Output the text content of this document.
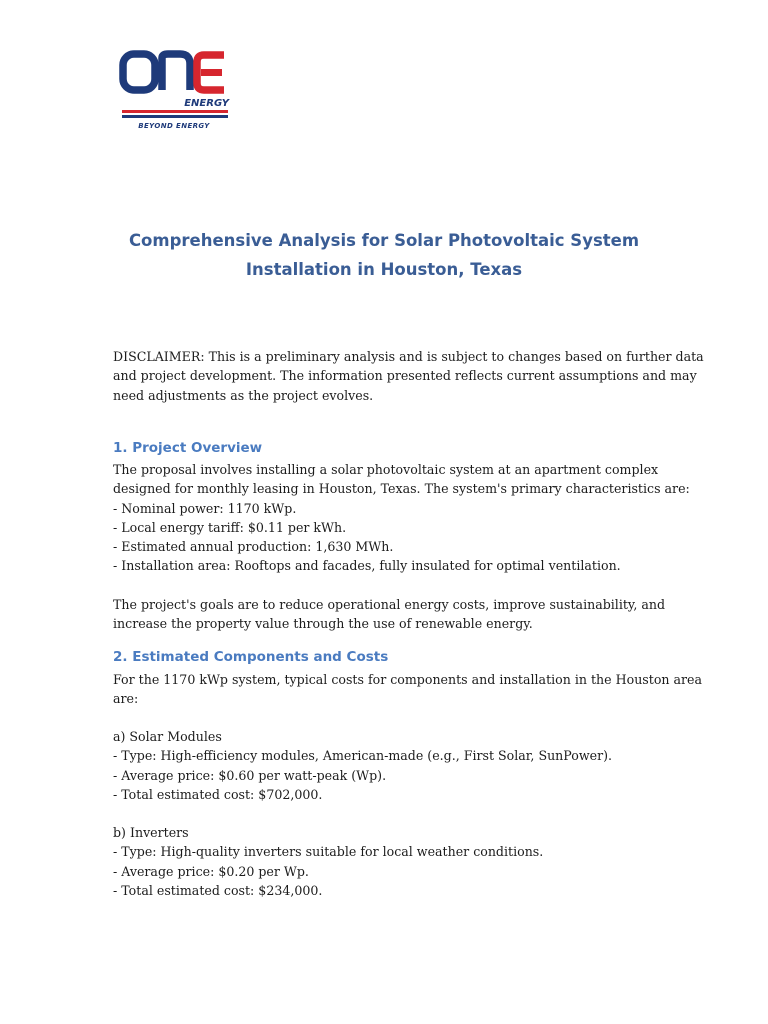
ENERGY
BEYOND ENERGY
Comprehensive Analysis for Solar Photovoltaic System
Installation in Houston, Texas
DISCLAIMER: This is a preliminary analysis and is subject to changes based on further data
and project development. The information presented reflects current assumptions and may
need adjustments as the project evolves.
1. Project Overview
The proposal involves installing a solar photovoltaic system at an apartment complex
designed for monthly leasing in Houston, Texas. The system's primary characteristics are:
- Nominal power: 1170 kWp.
- Local energy tariff: $0.11 per kWh.
- Estimated annual production: 1,630 MWh.
- Installation area: Rooftops and facades, fully insulated for optimal ventilation.
The project's goals are to reduce operational energy costs, improve sustainability, and
increase the property value through the use of renewable energy.
2. Estimated Components and Costs
For the 1170 kWp system, typical costs for components and installation in the Houston area
are:
a) Solar Modules
- Type: High-efficiency modules, American-made (e.g., First Solar, SunPower).
- Average price: $0.60 per watt-peak (Wp).
- Total estimated cost: $702,000.
b) Inverters
- Type: High-quality inverters suitable for local weather conditions.
- Average price: $0.20 per Wp.
- Total estimated cost: $234,000.
